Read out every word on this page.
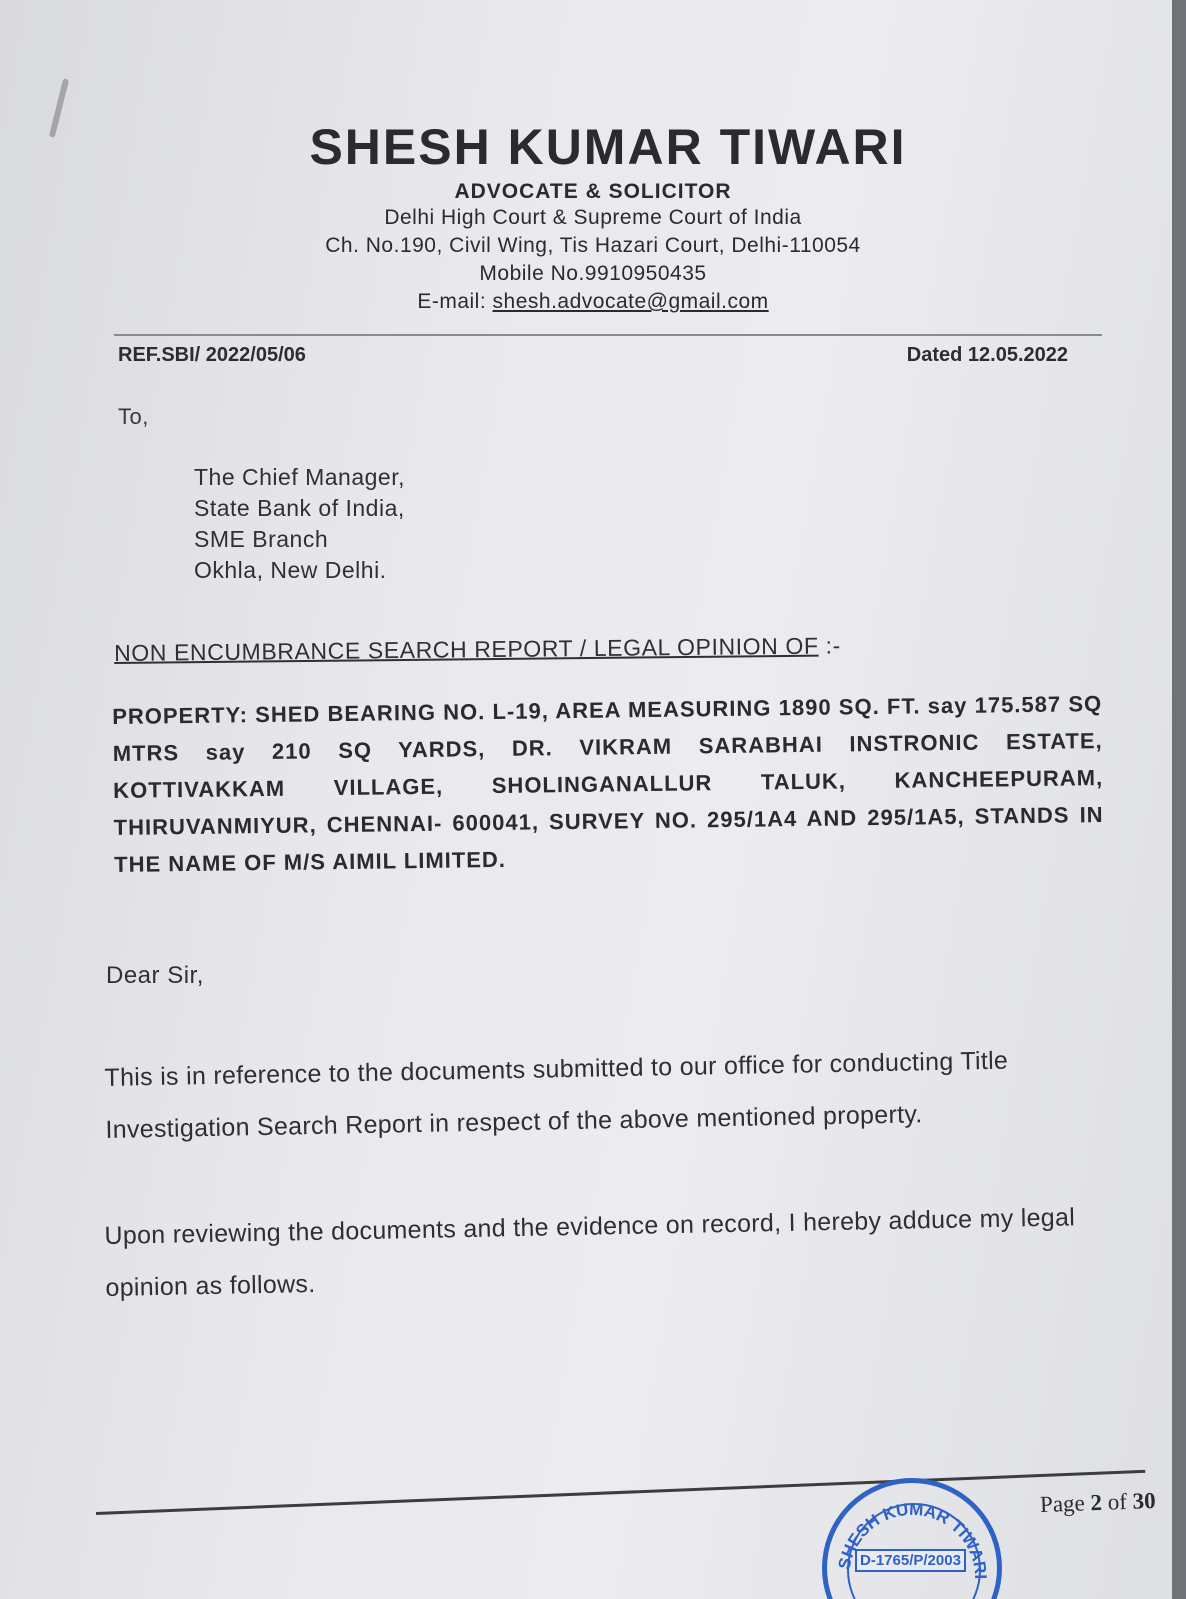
SHESH KUMAR TIWARI
ADVOCATE & SOLICITOR
Delhi High Court & Supreme Court of India
Ch. No.190, Civil Wing, Tis Hazari Court, Delhi-110054
Mobile No.9910950435
E-mail: shesh.advocate@gmail.com
REF.SBI/ 2022/05/06	Dated 12.05.2022
To,
The Chief Manager,
State Bank of India,
SME Branch
Okhla, New Delhi.
NON ENCUMBRANCE SEARCH REPORT / LEGAL OPINION OF :-
PROPERTY: SHED BEARING NO. L-19, AREA MEASURING 1890 SQ. FT. say 175.587 SQ MTRS say 210 SQ YARDS, DR. VIKRAM SARABHAI INSTRONIC ESTATE, KOTTIVAKKAM VILLAGE, SHOLINGANALLUR TALUK, KANCHEEPURAM, THIRUVANMIYUR, CHENNAI- 600041, SURVEY NO. 295/1A4 AND 295/1A5, STANDS IN THE NAME OF M/S AIMIL LIMITED.
Dear Sir,
This is in reference to the documents submitted to our office for conducting Title Investigation Search Report in respect of the above mentioned property.
Upon reviewing the documents and the evidence on record, I hereby adduce my legal opinion as follows.
SHESH KUMAR TIWARI
D-1765/P/2003
Page 2 of 30
